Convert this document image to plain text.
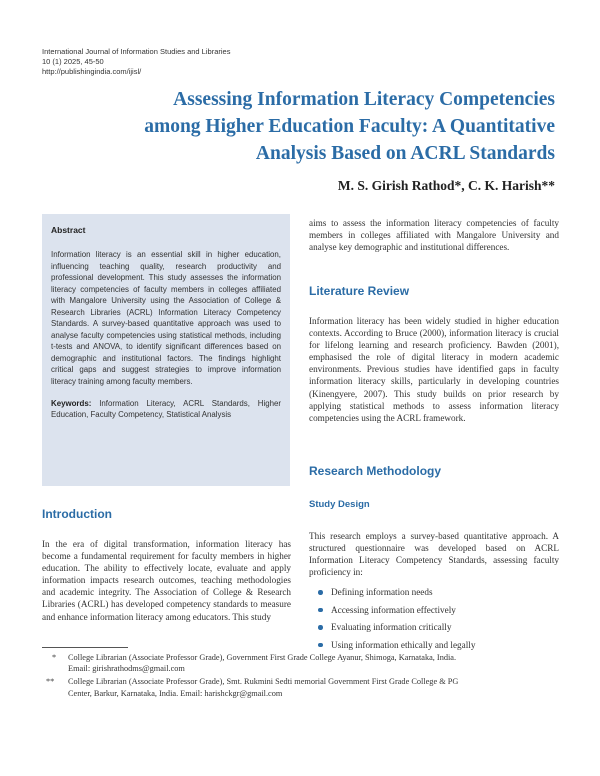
International Journal of Information Studies and Libraries
10 (1) 2025, 45-50
http://publishingindia.com/ijisl/
Assessing Information Literacy Competencies
among Higher Education Faculty: A Quantitative
Analysis Based on ACRL Standards
M. S. Girish Rathod*, C. K. Harish**
Abstract
Information literacy is an essential skill in higher education, influencing teaching quality, research productivity and professional development. This study assesses the information literacy competencies of faculty members in colleges affiliated with Mangalore University using the Association of College & Research Libraries (ACRL) Information Literacy Competency Standards. A survey-based quantitative approach was used to analyse faculty competencies using statistical methods, including t-tests and ANOVA, to identify significant differences based on demographic and institutional factors. The findings highlight critical gaps and suggest strategies to improve information literacy training among faculty members.
Keywords: Information Literacy, ACRL Standards, Higher Education, Faculty Competency, Statistical Analysis
Introduction
In the era of digital transformation, information literacy has become a fundamental requirement for faculty members in higher education. The ability to effectively locate, evaluate and apply information impacts research outcomes, teaching methodologies and academic integrity. The Association of College & Research Libraries (ACRL) has developed competency standards to measure and enhance information literacy among educators. This study
aims to assess the information literacy competencies of faculty members in colleges affiliated with Mangalore University and analyse key demographic and institutional differences.
Literature Review
Information literacy has been widely studied in higher education contexts. According to Bruce (2000), information literacy is crucial for lifelong learning and research proficiency. Bawden (2001), emphasised the role of digital literacy in modern academic environments. Previous studies have identified gaps in faculty information literacy skills, particularly in developing countries (Kinengyere, 2007). This study builds on prior research by applying statistical methods to assess information literacy competencies using the ACRL framework.
Research Methodology
Study Design
This research employs a survey-based quantitative approach. A structured questionnaire was developed based on ACRL Information Literacy Competency Standards, assessing faculty proficiency in:
Defining information needs
Accessing information effectively
Evaluating information critically
Using information ethically and legally
* College Librarian (Associate Professor Grade), Government First Grade College Ayanur, Shimoga, Karnataka, India.
Email: girishrathodms@gmail.com
** College Librarian (Associate Professor Grade), Smt. Rukmini Sedti memorial Government First Grade College & PG
Center, Barkur, Karnataka, India. Email: harishckgr@gmail.com
